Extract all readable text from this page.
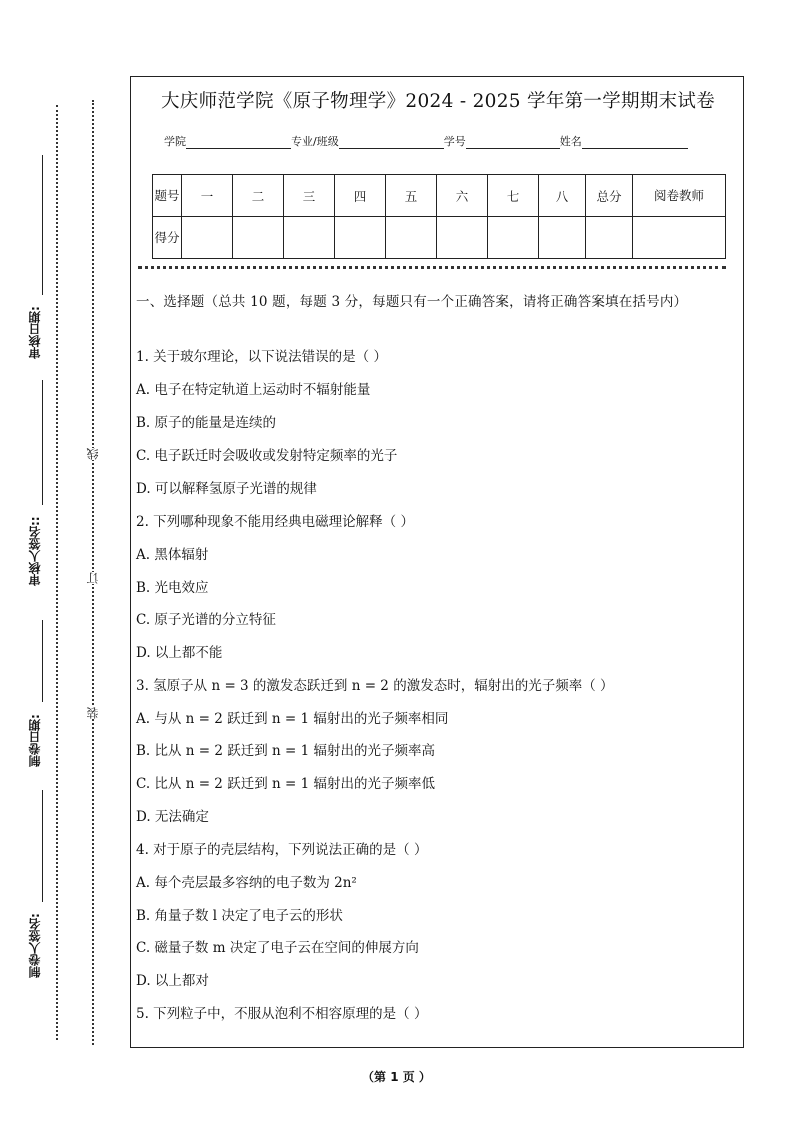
审核日期:
审核人签名::
制卷日期:
制卷人签名:
线
订
装
大庆师范学院《原子物理学》2024 - 2025 学年第一学期期末试卷
学院	专业/班级	学号	姓名
题号	一	二	三	四	五	六	七	八	总分	阅卷教师
得分										

一、选择题（总共 10 题，每题 3 分，每题只有一个正确答案，请将正确答案填在括号内）

1. 关于玻尔理论，以下说法错误的是（ ）
A. 电子在特定轨道上运动时不辐射能量
B. 原子的能量是连续的
C. 电子跃迁时会吸收或发射特定频率的光子
D. 可以解释氢原子光谱的规律
2. 下列哪种现象不能用经典电磁理论解释（ ）
A. 黑体辐射
B. 光电效应
C. 原子光谱的分立特征
D. 以上都不能
3. 氢原子从 n = 3 的激发态跃迁到 n = 2 的激发态时，辐射出的光子频率（ ）
A. 与从 n = 2 跃迁到 n = 1 辐射出的光子频率相同
B. 比从 n = 2 跃迁到 n = 1 辐射出的光子频率高
C. 比从 n = 2 跃迁到 n = 1 辐射出的光子频率低
D. 无法确定
4. 对于原子的壳层结构，下列说法正确的是（ ）
A. 每个壳层最多容纳的电子数为 2n²
B. 角量子数 l 决定了电子云的形状
C. 磁量子数 m 决定了电子云在空间的伸展方向
D. 以上都对
5. 下列粒子中，不服从泡利不相容原理的是（ ）
（第 1 页 ）
